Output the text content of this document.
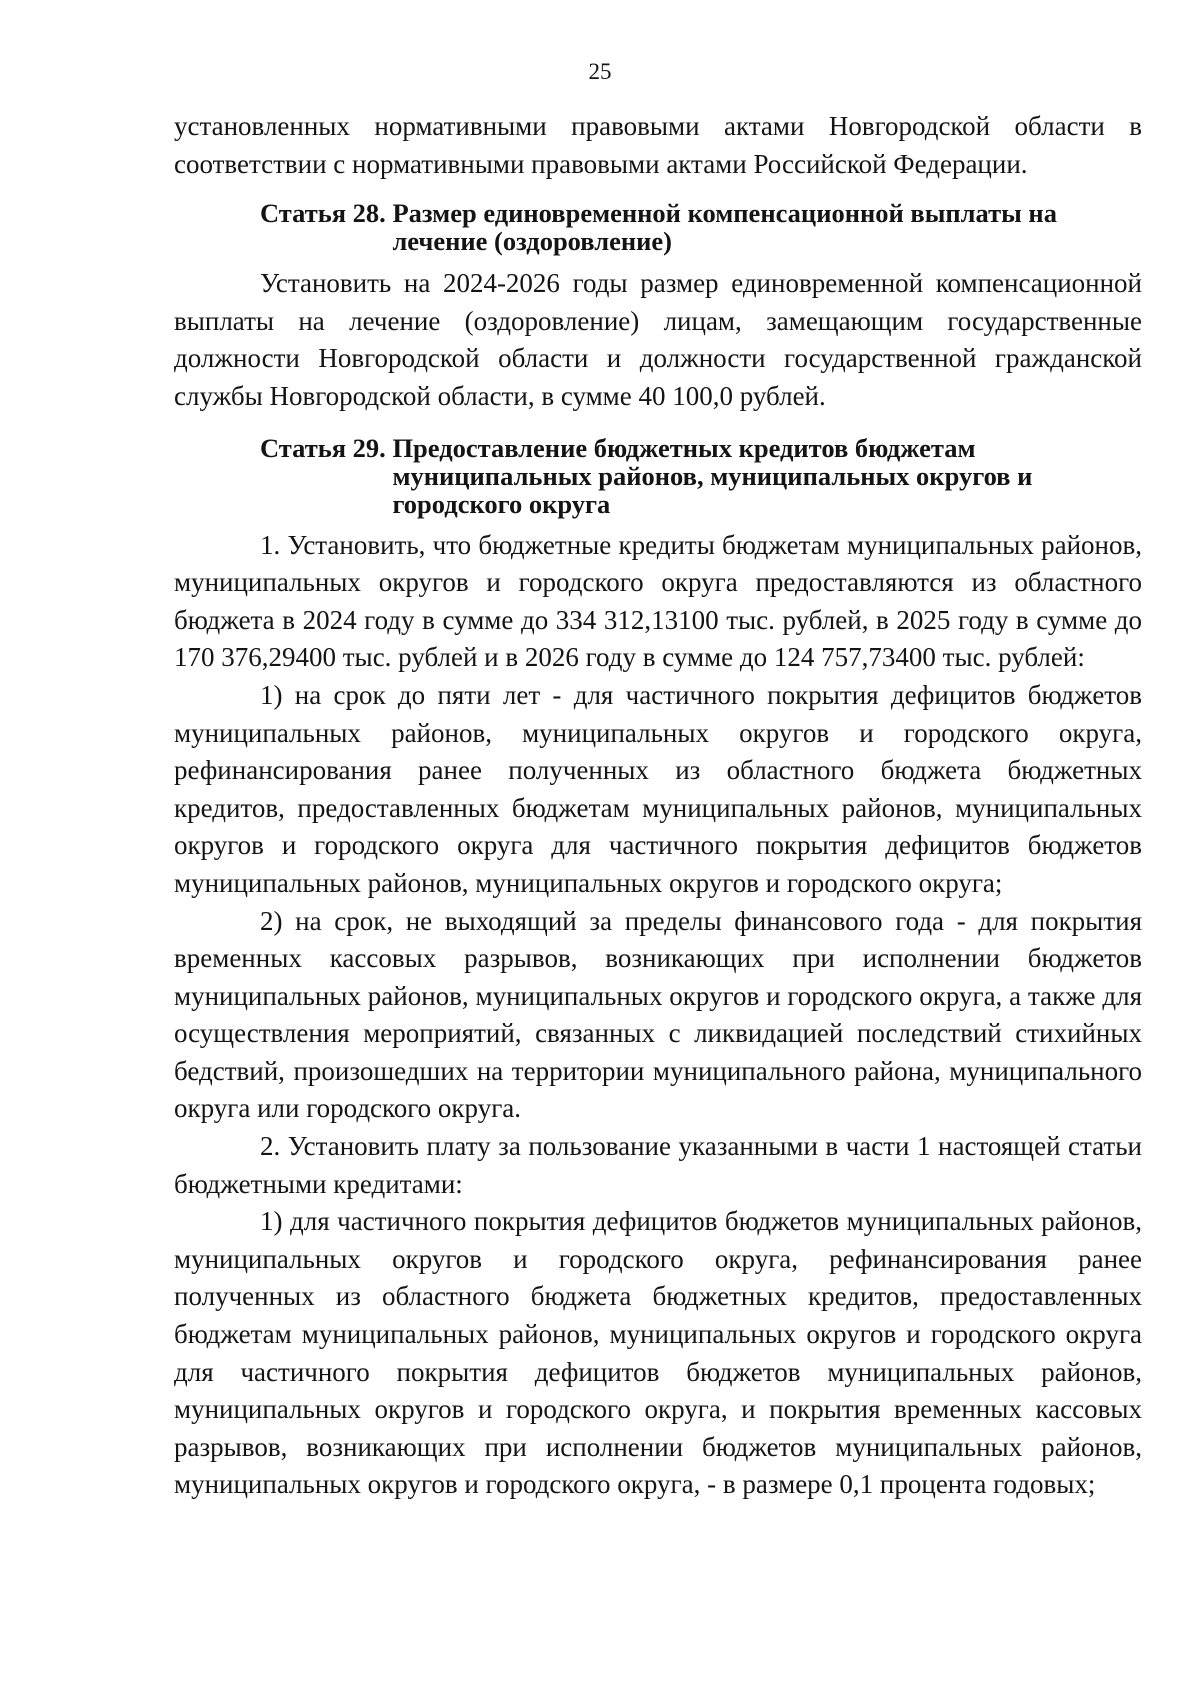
25

установленных нормативными правовыми актами Новгородской области в соответствии с нормативными правовыми актами Российской Федерации.

Статья 28.
Размер единовременной компенсационной выплаты на лечение (оздоровление)

Установить на 2024-2026 годы размер единовременной компенсационной выплаты на лечение (оздоровление) лицам, замещающим государственные должности Новгородской области и должности государственной гражданской службы Новгородской области, в сумме 40 100,0 рублей.

Статья 29.
Предоставление бюджетных кредитов бюджетам муниципальных районов, муниципальных округов и городского округа

1. Установить, что бюджетные кредиты бюджетам муниципальных районов, муниципальных округов и городского округа предоставляются из областного бюджета в 2024 году в сумме до 334 312,13100 тыс. рублей, в 2025 году в сумме до 170 376,29400 тыс. рублей и в 2026 году в сумме до 124 757,73400 тыс. рублей:

1) на срок до пяти лет - для частичного покрытия дефицитов бюджетов муниципальных районов, муниципальных округов и городского округа, рефинансирования ранее полученных из областного бюджета бюджетных кредитов, предоставленных бюджетам муниципальных районов, муниципальных округов и городского округа для частичного покрытия дефицитов бюджетов муниципальных районов, муниципальных округов и городского округа;

2) на срок, не выходящий за пределы финансового года - для покрытия временных кассовых разрывов, возникающих при исполнении бюджетов муниципальных районов, муниципальных округов и городского округа, а также для осуществления мероприятий, связанных с ликвидацией последствий стихийных бедствий, произошедших на территории муниципального района, муниципального округа или городского округа.

2. Установить плату за пользование указанными в части 1 настоящей статьи бюджетными кредитами:

1) для частичного покрытия дефицитов бюджетов муниципальных районов, муниципальных округов и городского округа, рефинансирования ранее полученных из областного бюджета бюджетных кредитов, предоставленных бюджетам муниципальных районов, муниципальных округов и городского округа для частичного покрытия дефицитов бюджетов муниципальных районов, муниципальных округов и городского округа, и покрытия временных кассовых разрывов, возникающих при исполнении бюджетов муниципальных районов, муниципальных округов и городского округа, - в размере 0,1 процента годовых;
